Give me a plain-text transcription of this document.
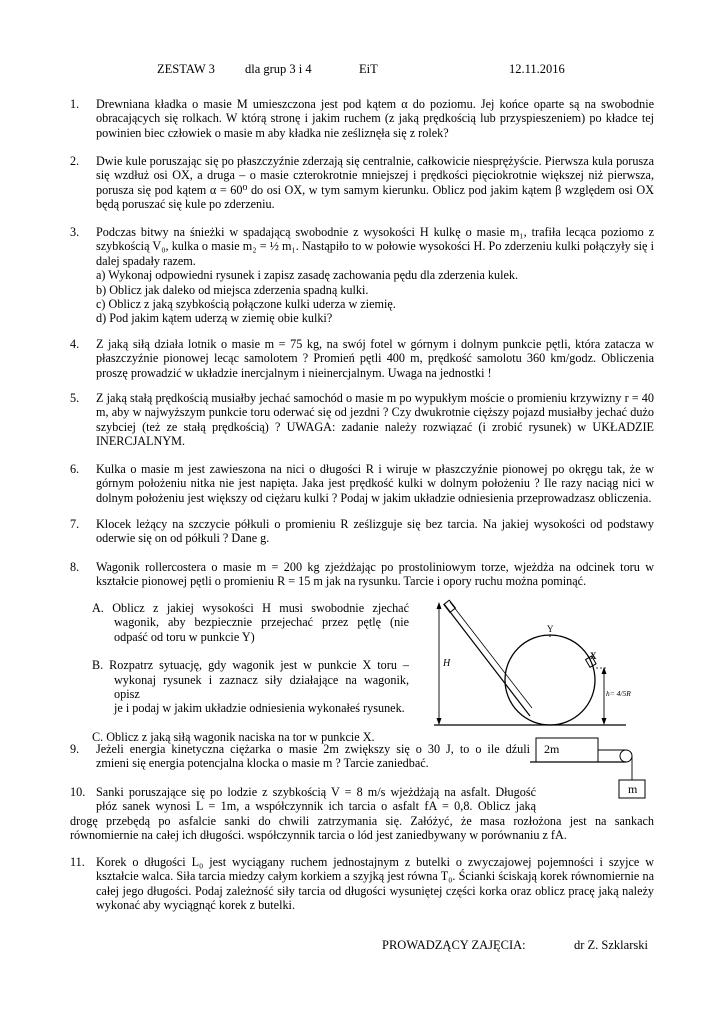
ZESTAW 3 dla grup 3 i 4	EiT	12.11.2016
1. Drewniana kładka o masie M umieszczona jest pod kątem α do poziomu. Jej końce oparte są na swobodnie
obracających się rolkach. W którą stronę i jakim ruchem (z jaką prędkością lub przyspieszeniem) po kładce tej
powinien biec człowiek o masie m aby kładka nie ześliznęła się z rolek?
2. Dwie kule poruszając się po płaszczyźnie zderzają się centralnie, całkowicie niesprężyście. Pierwsza kula porusza
się wzdłuż osi OX, a druga – o masie czterokrotnie mniejszej i prędkości pięciokrotnie większej niż pierwsza,
porusza się pod kątem α = 60⁰ do osi OX, w tym samym kierunku. Oblicz pod jakim kątem β względem osi OX
będą poruszać się kule po zderzeniu.
3. Podczas bitwy na śnieżki w spadającą swobodnie z wysokości H kulkę o masie m₁, trafiła lecąca poziomo z
szybkością V₀, kulka o masie m₂ = ½ m₁. Nastąpiło to w połowie wysokości H. Po zderzeniu kulki połączyły się i
dalej spadały razem.
a) Wykonaj odpowiedni rysunek i zapisz zasadę zachowania pędu dla zderzenia kulek.
b) Oblicz jak daleko od miejsca zderzenia spadną kulki.
c) Oblicz z jaką szybkością połączone kulki uderza w ziemię.
d) Pod jakim kątem uderzą w ziemię obie kulki?
4. Z jaką siłą działa lotnik o masie m = 75 kg, na swój fotel w górnym i dolnym punkcie pętli, która zatacza w
płaszczyźnie pionowej lecąc samolotem ? Promień pętli 400 m, prędkość samolotu 360 km/godz. Obliczenia
proszę prowadzić w układzie inercjalnym i nieinercjalnym. Uwaga na jednostki !
5. Z jaką stałą prędkością musiałby jechać samochód o masie m po wypukłym moście o promieniu krzywizny r = 40
m, aby w najwyższym punkcie toru oderwać się od jezdni ? Czy dwukrotnie cięższy pojazd musiałby jechać dużo
szybciej (też ze stałą prędkością) ? UWAGA: zadanie należy rozwiązać (i zrobić rysunek) w UKŁADZIE
INERCJALNYM.
6. Kulka o masie m jest zawieszona na nici o długości R i wiruje w płaszczyźnie pionowej po okręgu tak, że w
górnym położeniu nitka nie jest napięta. Jaka jest prędkość kulki w dolnym położeniu ? Ile razy naciąg nici w
dolnym położeniu jest większy od ciężaru kulki ? Podaj w jakim układzie odniesienia przeprowadzasz obliczenia.
7. Klocek leżący na szczycie półkuli o promieniu R ześlizguje się bez tarcia. Na jakiej wysokości od podstawy
oderwie się on od półkuli ? Dane g.
8. Wagonik rollercostera o masie m = 200 kg zjeżdżając po prostoliniowym torze, wjeżdża na odcinek toru w
kształcie pionowej pętli o promieniu R = 15 m jak na rysunku. Tarcie i opory ruchu można pominąć.
A. Oblicz z jakiej wysokości H musi swobodnie zjechać
wagonik, aby bezpiecznie przejechać przez pętlę (nie
odpaść od toru w punkcie Y)
B. Rozpatrz sytuację, gdy wagonik jest w punkcie X toru –
wykonaj rysunek i zaznacz siły działające na wagonik, opisz
je i podaj w jakim układzie odniesienia wykonałeś rysunek.
C. Oblicz z jaką siłą wagonik naciska na tor w punkcie X.
H
Y
X
h= 4/5R
9. Jeżeli energia kinetyczna ciężarka o masie 2m zwiększy się o 30 J, to o ile dźuli
zmieni się energia potencjalna klocka o masie m ? Tarcie zaniedbać.
2m
m
10. Sanki poruszające się po lodzie z szybkością V = 8 m/s wjeżdżają na asfalt. Długość
płóz sanek wynosi L = 1m, a współczynnik ich tarcia o asfalt fA = 0,8. Oblicz jaką
drogę przebędą po asfalcie sanki do chwili zatrzymania się. Załóżyć, że masa rozłożona jest na sankach
równomiernie na całej ich długości. współczynnik tarcia o lód jest zaniedbywany w porównaniu z fA.
11. Korek o długości L₀ jest wyciągany ruchem jednostajnym z butelki o zwyczajowej pojemności i szyjce w
kształcie walca. Siła tarcia miedzy całym korkiem a szyjką jest równa T₀. Ścianki ściskają korek równomiernie na
całej jego długości. Podaj zależność siły tarcia od długości wysuniętej części korka oraz oblicz pracę jaką należy
wykonać aby wyciągnąć korek z butelki.
PROWADZĄCY ZAJĘCIA:	dr Z. Szklarski
